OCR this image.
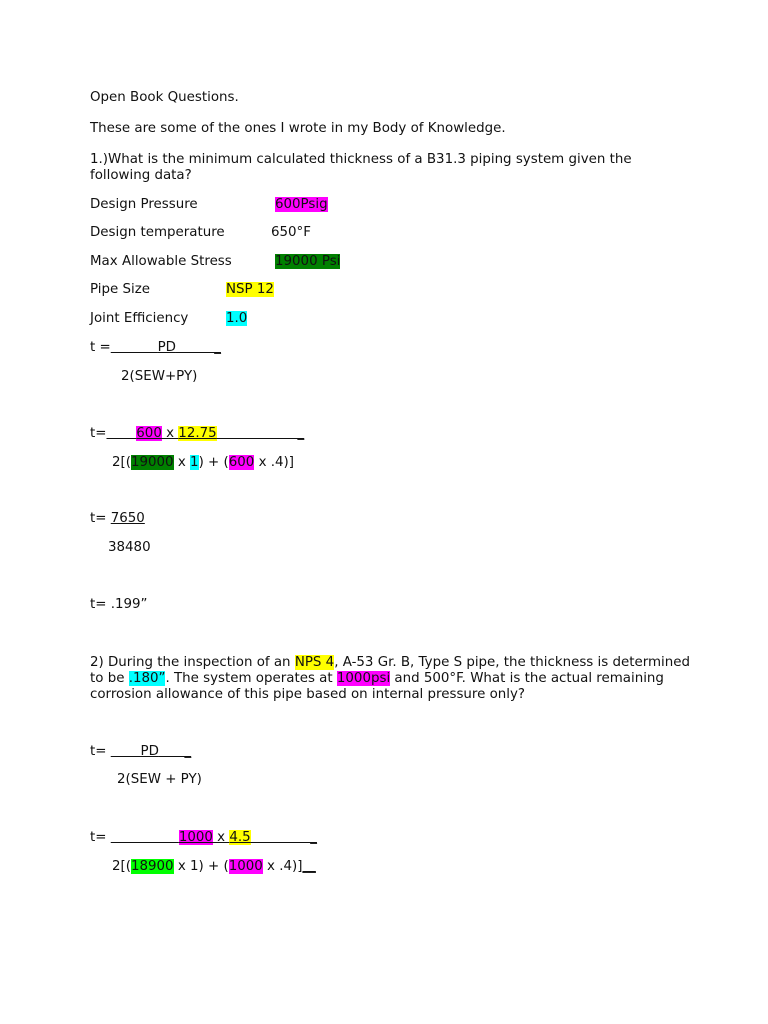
Open Book Questions.
These are some of the ones I wrote in my Body of Knowledge.
1.)What is the minimum calculated thickness of a B31.3 piping system given the following data?
Design Pressure	600Psig
Design temperature	650°F
Max Allowable Stress	19000 Psi
Pipe Size	NSP 12
Joint Efficiency	1.0
t =	PD         _
2(SEW+PY)
t= 600 x 12.75                   _
2[(19000 x 1) + (600 x .4)]
t= 7650
38480
t= .199”
2) During the inspection of an NPS 4, A-53 Gr. B, Type S pipe, the thickness is determined to be .180”. The system operates at 1000psi and 500°F. What is the actual remaining corrosion allowance of this pipe based on internal pressure only?
t=        PD      _
2(SEW + PY)
t=	1000 x 4.5              _
2[(18900 x 1) + (1000 x .4)]__
